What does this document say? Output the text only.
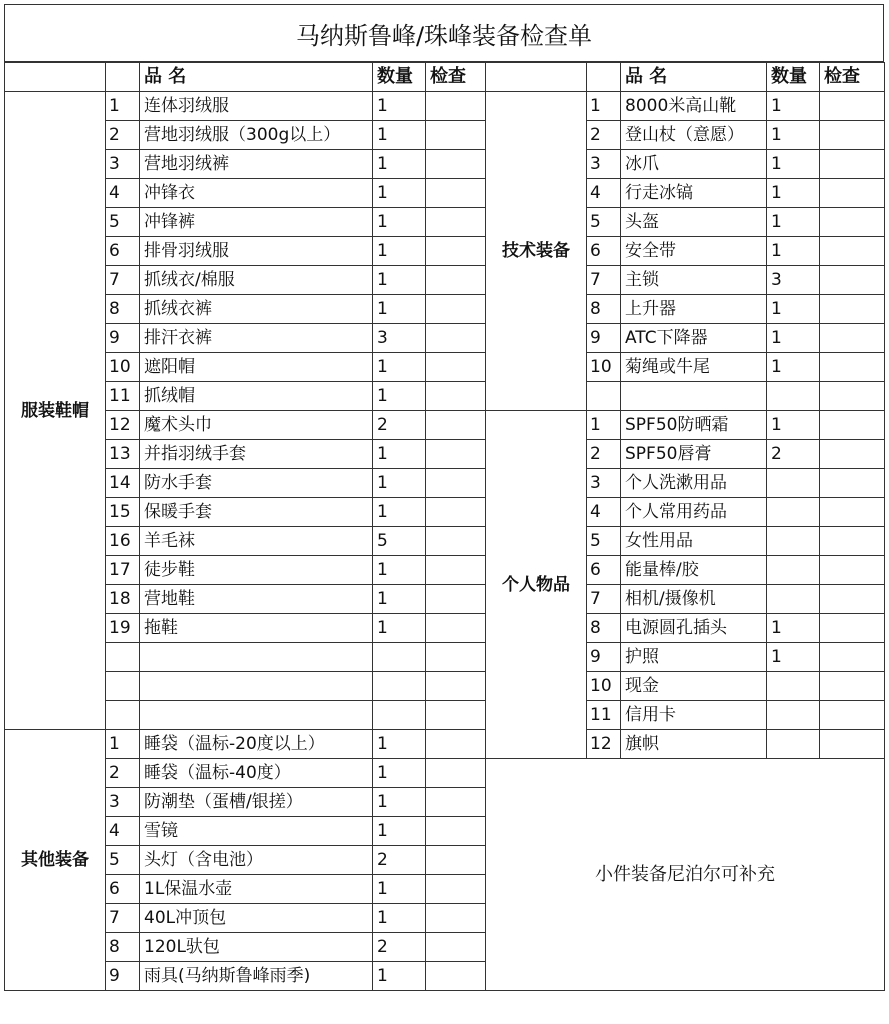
马纳斯鲁峰/珠峰装备检查单
		品 名	数量	检查			品 名	数量	检查
服装鞋帽	1	连体羽绒服	1		技术装备	1	8000米高山靴	1	
	2	营地羽绒服（300g以上）	1			2	登山杖（意愿）	1	
	3	营地羽绒裤	1			3	冰爪	1	
	4	冲锋衣	1			4	行走冰镐	1	
	5	冲锋裤	1			5	头盔	1	
	6	排骨羽绒服	1			6	安全带	1	
	7	抓绒衣/棉服	1			7	主锁	3	
	8	抓绒衣裤	1			8	上升器	1	
	9	排汗衣裤	3			9	ATC下降器	1	
	10	遮阳帽	1			10	菊绳或牛尾	1	
	11	抓绒帽	1						
	12	魔术头巾	2		个人物品	1	SPF50防晒霜	1	
	13	并指羽绒手套	1			2	SPF50唇膏	2	
	14	防水手套	1			3	个人洗漱用品		
	15	保暖手套	1			4	个人常用药品		
	16	羊毛袜	5			5	女性用品		
	17	徒步鞋	1			6	能量棒/胶		
	18	营地鞋	1			7	相机/摄像机		
	19	拖鞋	1			8	电源圆孔插头	1	
						9	护照	1	
						10	现金		
						11	信用卡		
其他装备	1	睡袋（温标-20度以上）	1			12	旗帜		
	2	睡袋（温标-40度）	1		小件装备尼泊尔可补充				
	3	防潮垫（蛋槽/银搓）	1						
	4	雪镜	1						
	5	头灯（含电池）	2						
	6	1L保温水壶	1						
	7	40L冲顶包	1						
	8	120L驮包	2						
	9	雨具(马纳斯鲁峰雨季)	1						
